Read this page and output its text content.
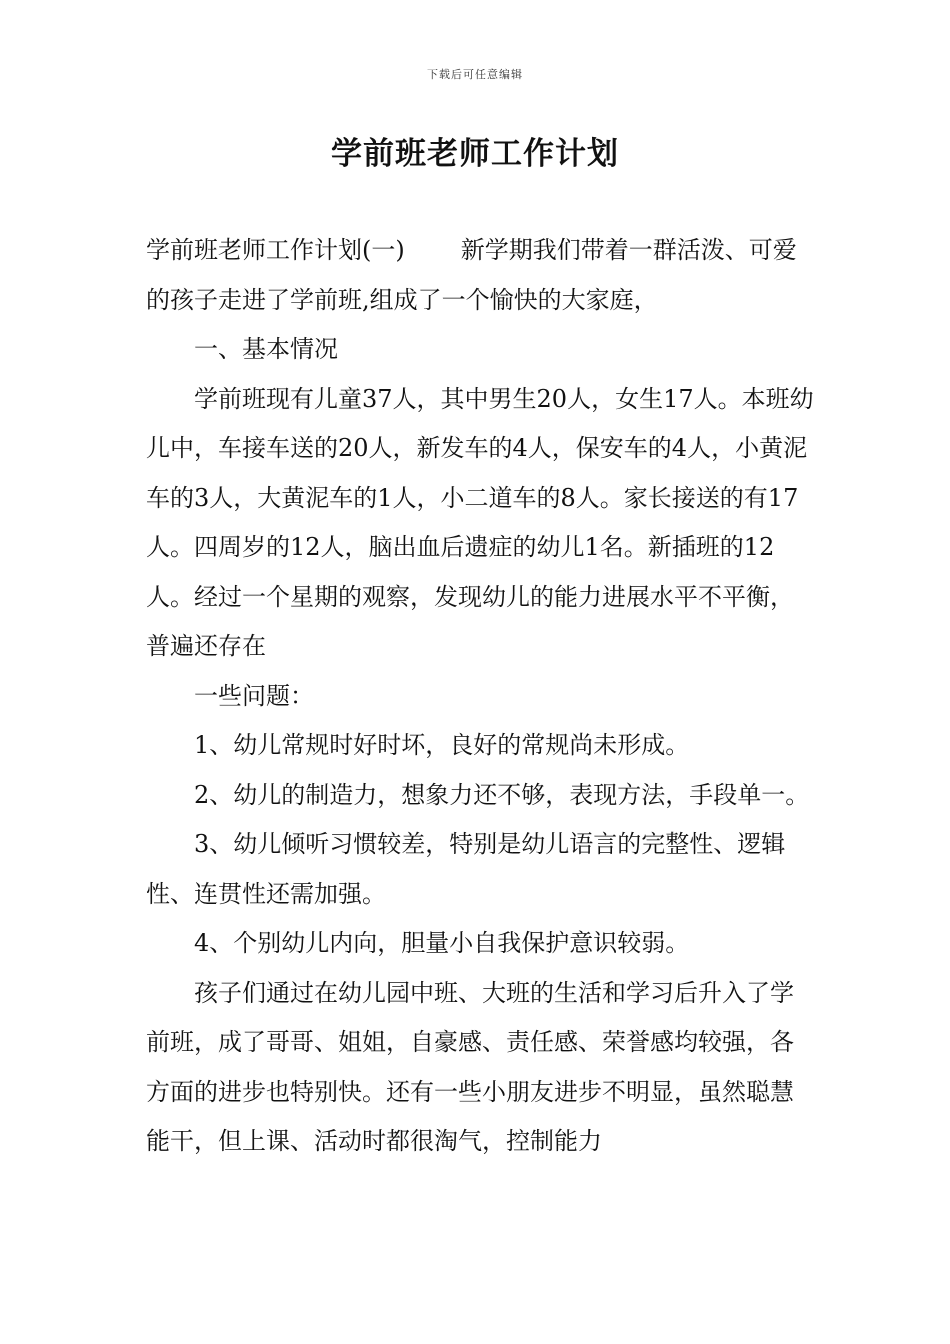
下载后可任意编辑
学前班老师工作计划

学前班老师工作计划(一) 新学期我们带着一群活泼、可爱的孩子走进了学前班,组成了一个愉快的大家庭，

一、基本情况

学前班现有儿童37人，其中男生20人，女生17人。本班幼儿中，车接车送的20人，新发车的4人，保安车的4人，小黄泥车的3人，大黄泥车的1人，小二道车的8人。家长接送的有17人。四周岁的12人，脑出血后遗症的幼儿1名。新插班的12人。经过一个星期的观察，发现幼儿的能力进展水平不平衡，普遍还存在

一些问题：

1、幼儿常规时好时坏，良好的常规尚未形成。

2、幼儿的制造力，想象力还不够，表现方法，手段单一。

3、幼儿倾听习惯较差，特别是幼儿语言的完整性、逻辑性、连贯性还需加强。

4、个别幼儿内向，胆量小自我保护意识较弱。

孩子们通过在幼儿园中班、大班的生活和学习后升入了学前班，成了哥哥、姐姐，自豪感、责任感、荣誉感均较强，各方面的进步也特别快。还有一些小朋友进步不明显，虽然聪慧能干，但上课、活动时都很淘气，控制能力
